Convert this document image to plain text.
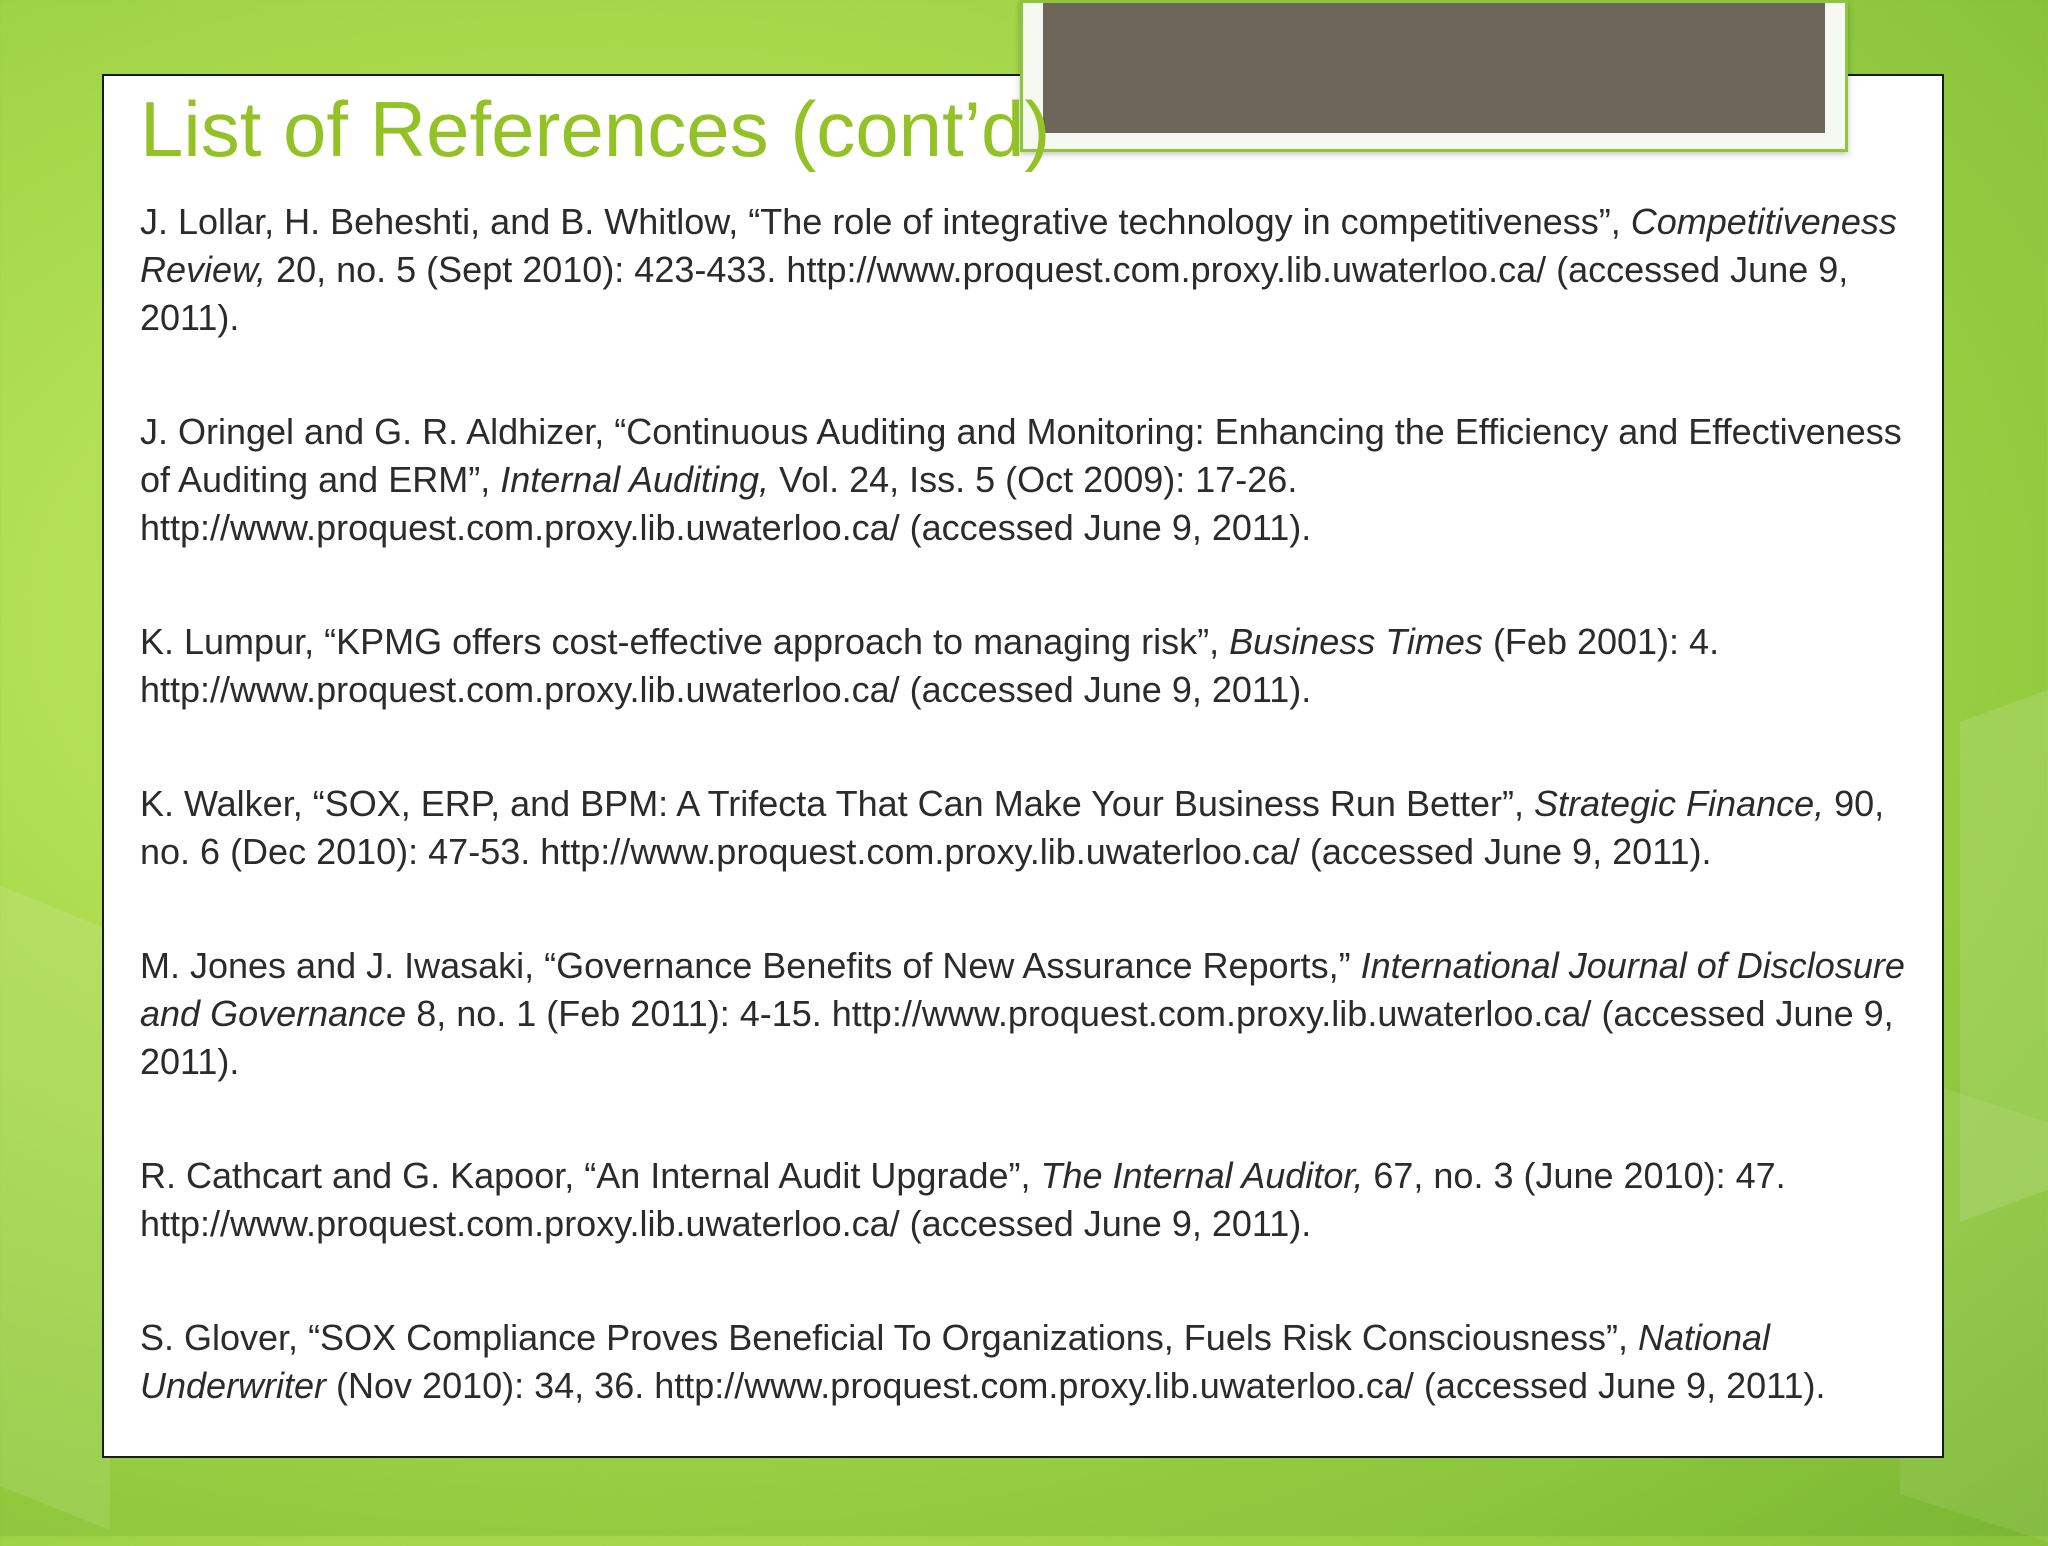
List of References (cont’d)
J. Lollar, H. Beheshti, and B. Whitlow, “The role of integrative technology in competitiveness”, Competitiveness Review, 20, no. 5 (Sept 2010): 423-433. http://www.proquest.com.proxy.lib.uwaterloo.ca/ (accessed June 9, 2011).
J. Oringel and G. R. Aldhizer, “Continuous Auditing and Monitoring: Enhancing the Efficiency and Effectiveness of Auditing and ERM”, Internal Auditing, Vol. 24, Iss. 5 (Oct 2009): 17-26. http://www.proquest.com.proxy.lib.uwaterloo.ca/ (accessed June 9, 2011).
K. Lumpur, “KPMG offers cost-effective approach to managing risk”, Business Times (Feb 2001): 4. http://www.proquest.com.proxy.lib.uwaterloo.ca/ (accessed June 9, 2011).
K. Walker, “SOX, ERP, and BPM: A Trifecta That Can Make Your Business Run Better”, Strategic Finance, 90, no. 6 (Dec 2010): 47-53. http://www.proquest.com.proxy.lib.uwaterloo.ca/ (accessed June 9, 2011).
M. Jones and J. Iwasaki, “Governance Benefits of New Assurance Reports,” International Journal of Disclosure and Governance 8, no. 1 (Feb 2011): 4-15. http://www.proquest.com.proxy.lib.uwaterloo.ca/ (accessed June 9, 2011).
R. Cathcart and G. Kapoor, “An Internal Audit Upgrade”, The Internal Auditor, 67, no. 3 (June 2010): 47. http://www.proquest.com.proxy.lib.uwaterloo.ca/ (accessed June 9, 2011).
S. Glover, “SOX Compliance Proves Beneficial To Organizations, Fuels Risk Consciousness”, National Underwriter (Nov 2010): 34, 36. http://www.proquest.com.proxy.lib.uwaterloo.ca/ (accessed June 9, 2011).
